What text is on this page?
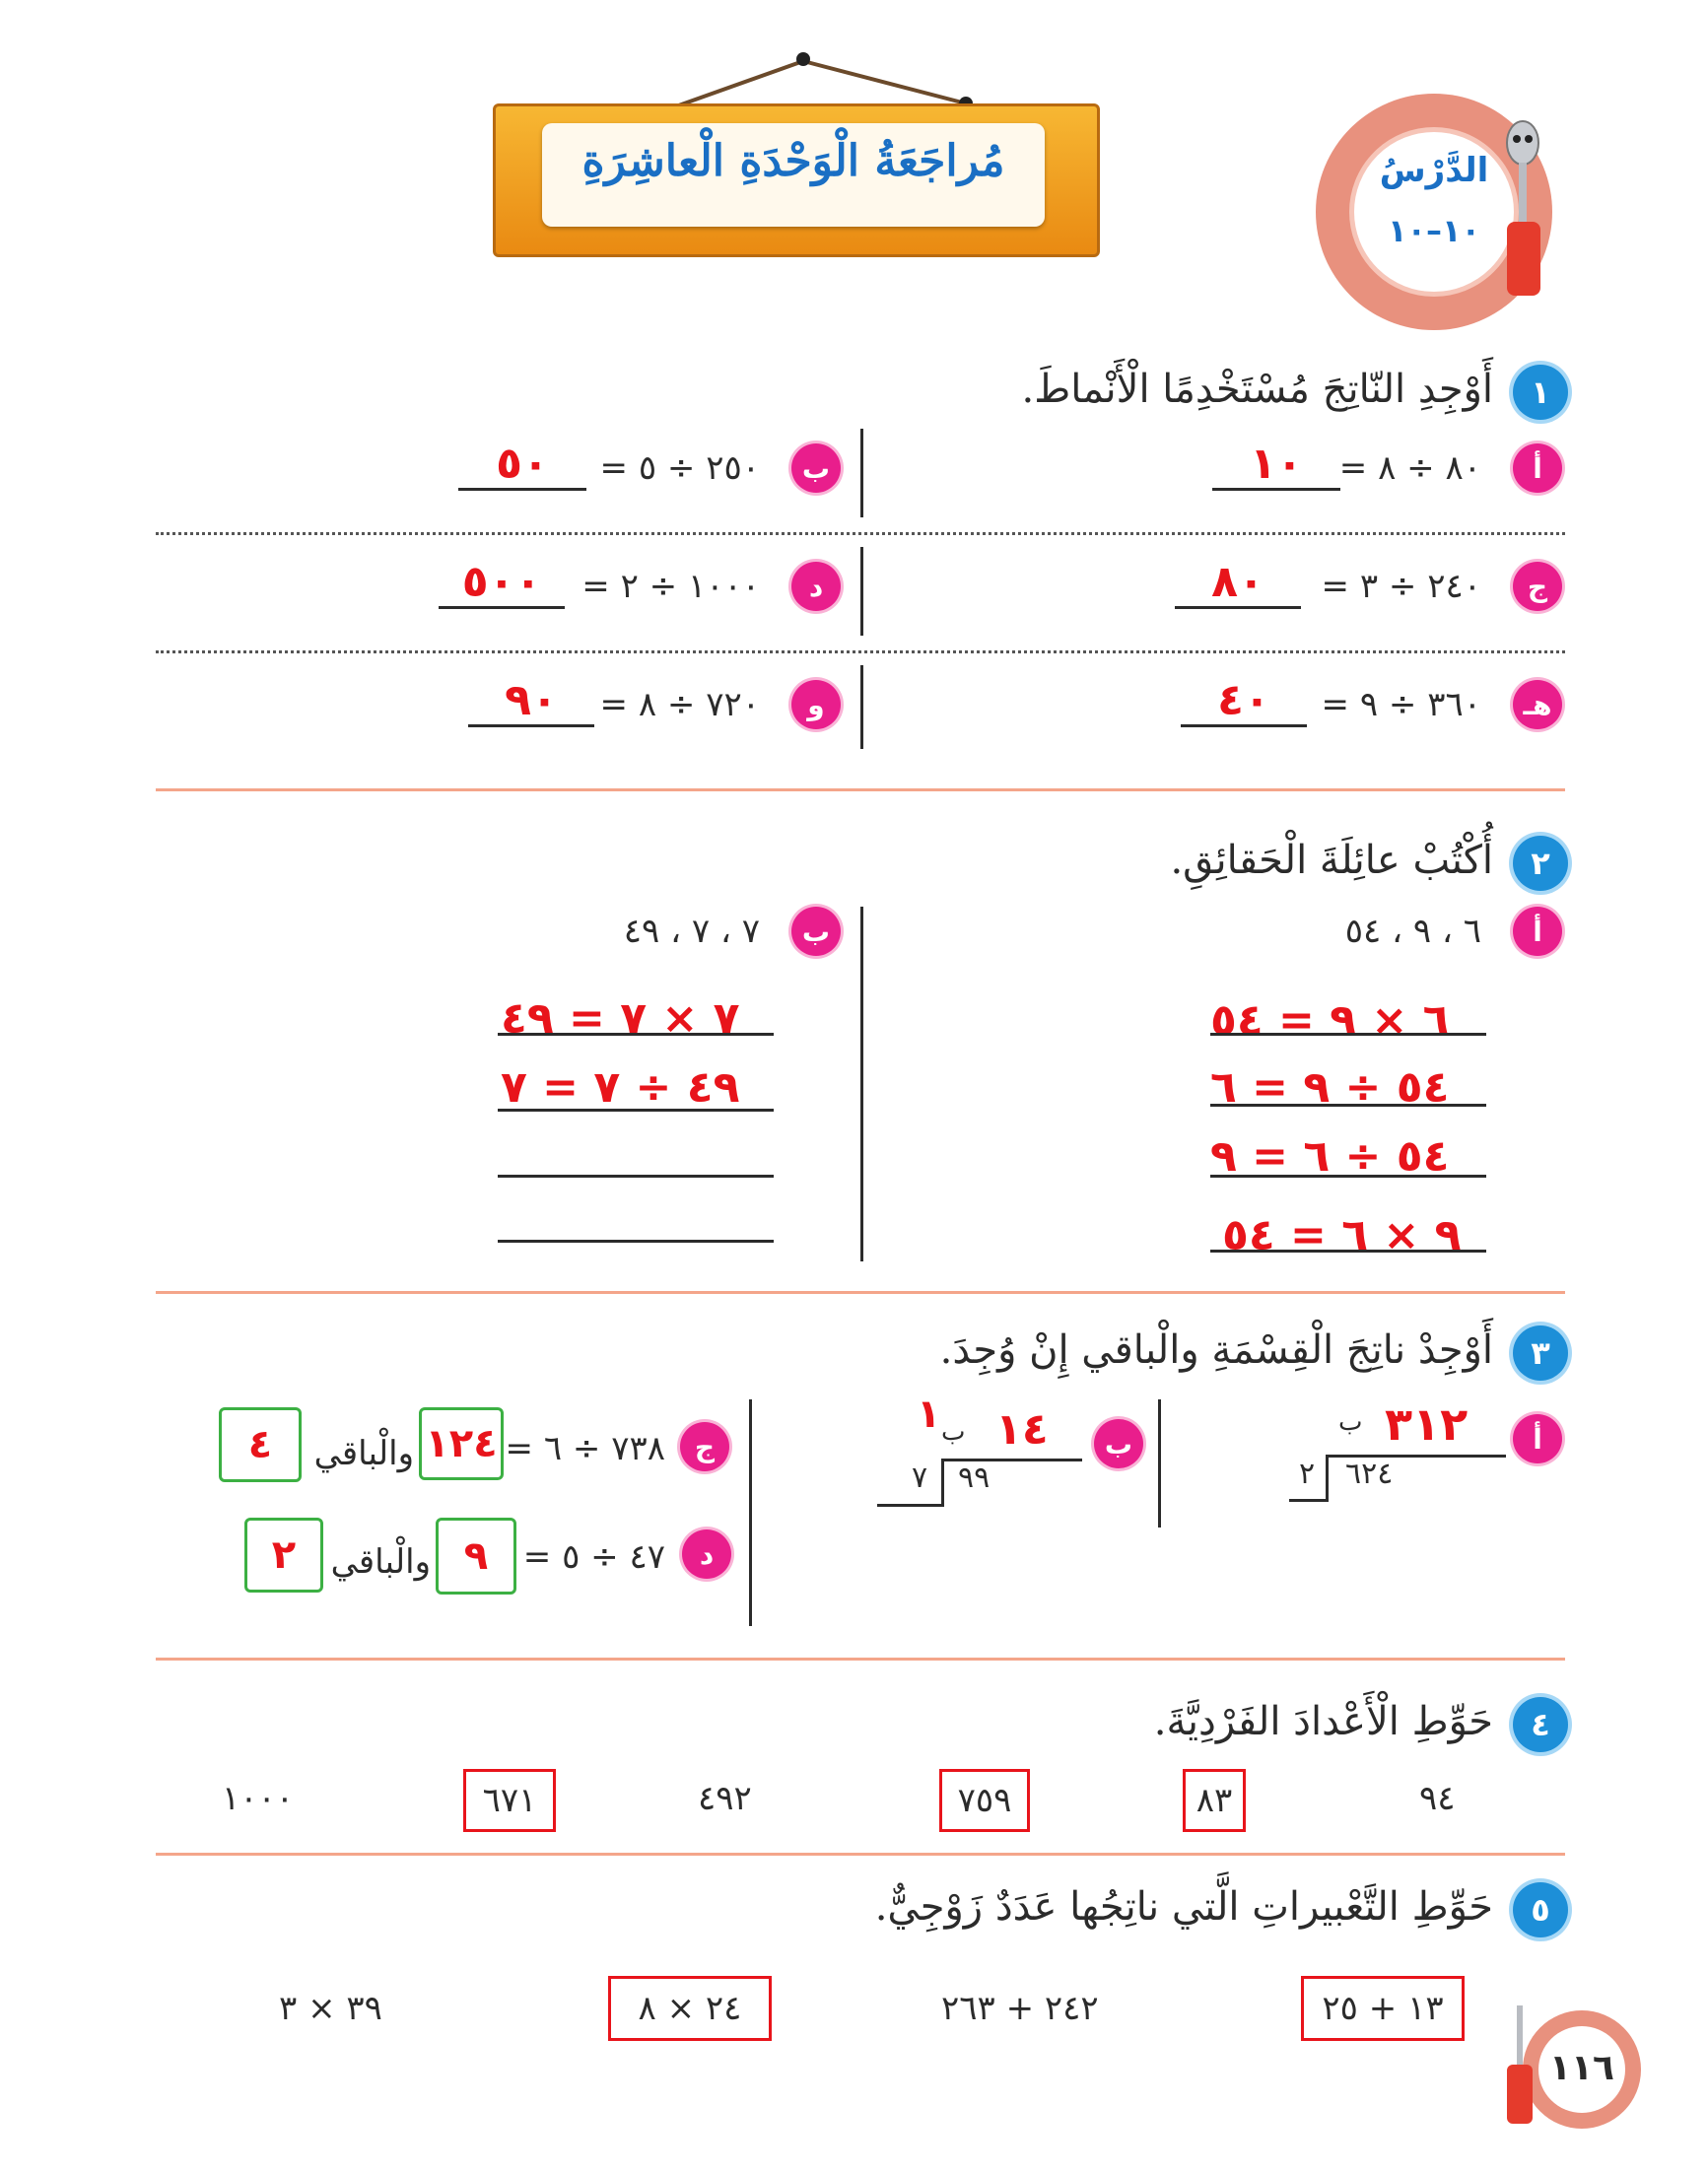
مُراجَعَةُ الْوَحْدَةِ الْعاشِرَةِ	الدَّرْسُ
١٠–١٠
١
أَوْجِدِ النّاتِجَ مُسْتَخْدِمًا الْأَنْماطَ.
أ
٨٠ ÷ ٨ =
١٠
ب
٢٥٠ ÷ ٥ =
٥٠
ج
٢٤٠ ÷ ٣ =
٨٠
د
١٠٠٠ ÷ ٢ =
٥٠٠
هـ
٣٦٠ ÷ ٩ =
٤٠
و
٧٢٠ ÷ ٨ =
٩٠
٢
أُكْتُبْ عائِلَةَ الْحَقائِقِ.
أ
٦ ، ٩ ، ٥٤
ب
٧ ، ٧ ، ٤٩
٦ × ٩ = ٥٤
٥٤ ÷ ٩ = ٦
٥٤ ÷ ٦ = ٩
٩ × ٦ = ٥٤
٧ × ٧ = ٤٩
٤٩ ÷ ٧ = ٧
٣
أَوْجِدْ ناتِجَ الْقِسْمَةِ والْباقي إِنْ وُجِدَ.
أ
٣١٢
ب
٦٢٤
٢
ب
١٤
ب
١
٩٩
٧
ج
٧٣٨ ÷ ٦ =
١٢٤
والْباقي
٤
د
٤٧ ÷ ٥ =
٩
والْباقي
٢
٤
حَوِّطِ الْأَعْدادَ الفَرْدِيَّةَ.
٩٤
٨٣
٧٥٩
٤٩٢
٦٧١
١٠٠٠
٥
حَوِّطِ التَّعْبيراتِ الَّتي ناتِجُها عَدَدٌ زَوْجِيٌّ.
١٣ + ٢٥
٢٤٢ + ٢٦٣
٢٤ × ٨
٣٩ × ٣
١١٦
